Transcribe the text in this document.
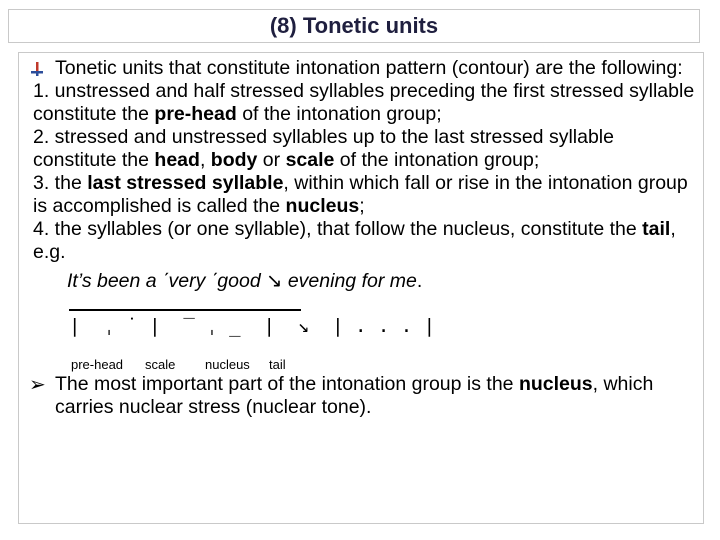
(8) Tonetic units

Tonetic units that constitute intonation pattern (contour) are the following:

1. unstressed and half stressed syllables preceding the first stressed syllable constitute the pre-head of the intonation group;

2. stressed and unstressed syllables up to the last stressed syllable constitute the head, body or scale of the intonation group;

3. the last stressed syllable, within which fall or rise in the intonation group is accomplished is called the nucleus;

4. the syllables (or one syllable), that follow the nucleus, constitute the tail, e.g.

It’s been a ˊvery ˊgood ↘ evening for me.

|  ˌ ˙ |  ‾ ˌ _  |  ↘  | . . . |
pre-head scale nucleus tail

➢ The most important part of the intonation group is the nucleus, which carries nuclear stress (nuclear tone).
